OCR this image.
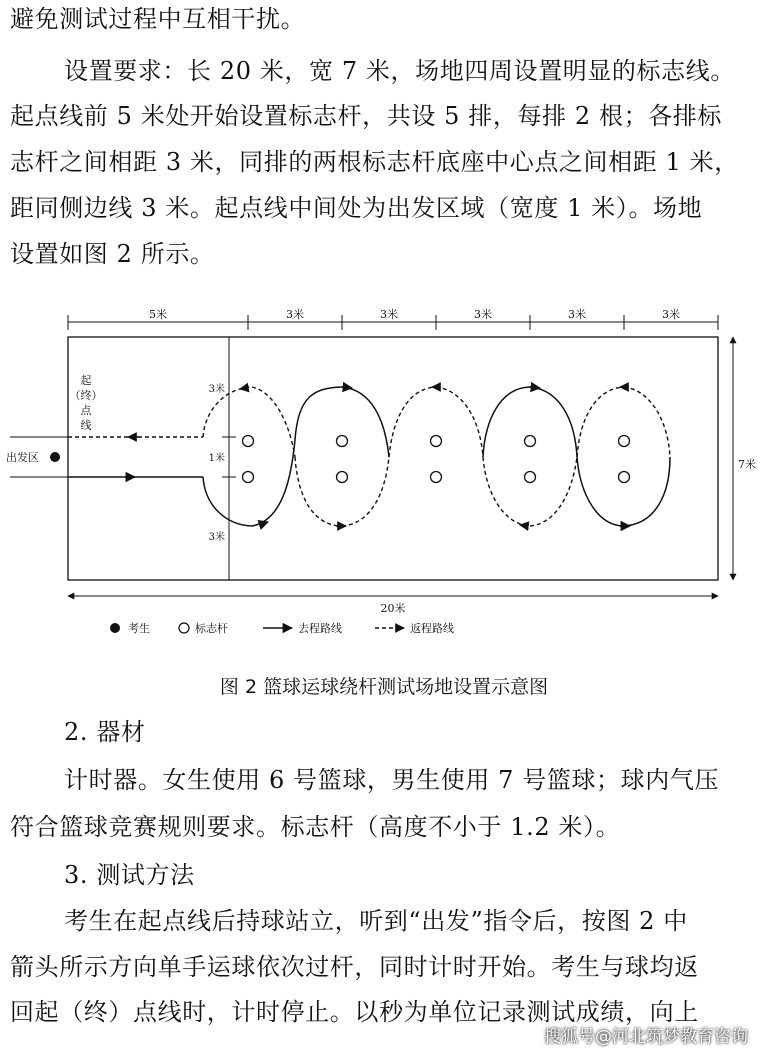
避免测试过程中互相干扰。
设置要求：长 20 米，宽 7 米，场地四周设置明显的标志线。
起点线前 5 米处开始设置标志杆，共设 5 排，每排 2 根；各排标
志杆之间相距 3 米，同排的两根标志杆底座中心点之间相距 1 米，
距同侧边线 3 米。起点线中间处为出发区域（宽度 1 米）。场地
设置如图 2 所示。
5米	3米	3米	3米	3米	3米
3米
1米
3米
7米
20米
起
（终）
点
线
出发区
考生	标志杆	去程路线	返程路线
图 2 篮球运球绕杆测试场地设置示意图
2. 器材
计时器。女生使用 6 号篮球，男生使用 7 号篮球；球内气压
符合篮球竞赛规则要求。标志杆（高度不小于 1.2 米）。
3. 测试方法
考生在起点线后持球站立，听到“出发”指令后，按图 2 中
箭头所示方向单手运球依次过杆，同时计时开始。考生与球均返
回起（终）点线时，计时停止。以秒为单位记录测试成绩，向上
搜狐号@河北筑梦教育咨询
